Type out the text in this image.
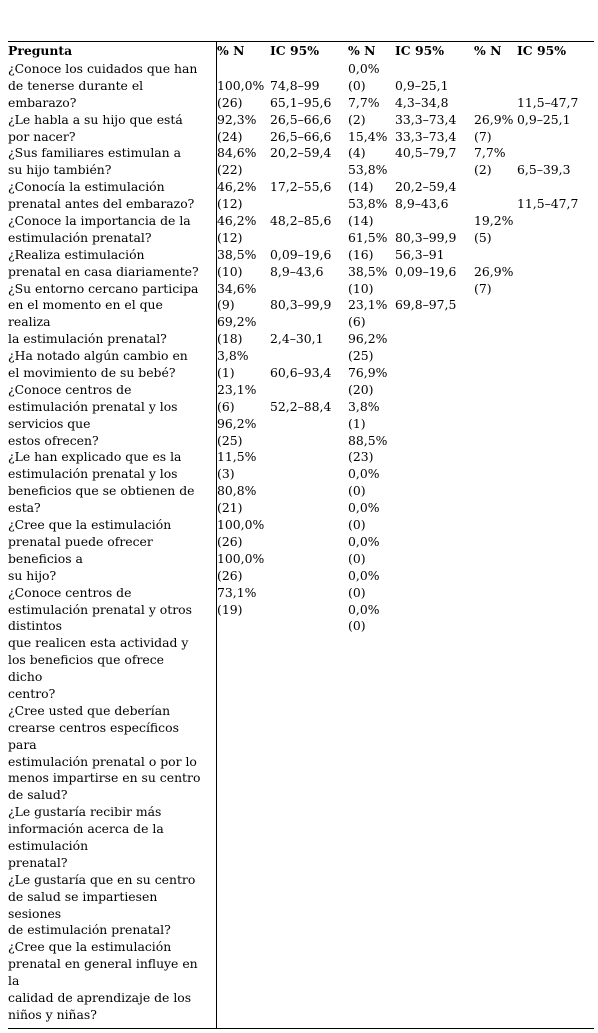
Pregunta	% N IC 95% % N IC 95% % N IC 95%
¿Conoce los cuidados que han
de tenerse durante el
embarazo?
¿Le habla a su hijo que está
por nacer?
¿Sus familiares estimulan a
su hijo también?
¿Conocía la estimulación
prenatal antes del embarazo?
¿Conoce la importancia de la
estimulación prenatal?
¿Realiza estimulación
prenatal en casa diariamente?
¿Su entorno cercano participa
en el momento en el que
realiza
la estimulación prenatal?
¿Ha notado algún cambio en
el movimiento de su bebé?
¿Conoce centros de
estimulación prenatal y los
servicios que
estos ofrecen?
¿Le han explicado que es la
estimulación prenatal y los
beneficios que se obtienen de
esta?
¿Cree que la estimulación
prenatal puede ofrecer
beneficios a
su hijo?
¿Conoce centros de
estimulación prenatal y otros
distintos
que realicen esta actividad y
los beneficios que ofrece
dicho
centro?
¿Cree usted que deberían
crearse centros específicos
para
estimulación prenatal o por lo
menos impartirse en su centro
de salud?
¿Le gustaría recibir más
información acerca de la
estimulación
prenatal?
¿Le gustaría que en su centro
de salud se impartiesen
sesiones
de estimulación prenatal?
¿Cree que la estimulación
prenatal en general influye en
la
calidad de aprendizaje de los
niños y niñas?
100,0%
(26)
92,3%
(24)
84,6%
(22)
46,2%
(12)
46,2%
(12)
38,5%
(10)
34,6%
(9)
69,2%
(18)
3,8%
(1)
23,1%
(6)
96,2%
(25)
11,5%
(3)
80,8%
(21)
100,0%
(26)
100,0%
(26)
73,1%
(19)
74,8–99
65,1–95,6
26,5–66,6
26,5–66,6
20,2–59,4
17,2–55,6
48,2–85,6
0,09–19,6
8,9–43,6
80,3–99,9
2,4–30,1
60,6–93,4
52,2–88,4
0,0%
(0)
7,7%
(2)
15,4%
(4)
53,8%
(14)
53,8%
(14)
61,5%
(16)
38,5%
(10)
23,1%
(6)
96,2%
(25)
76,9%
(20)
3,8%
(1)
88,5%
(23)
0,0%
(0)
0,0%
(0)
0,0%
(0)
0,0%
(0)
0,0%
(0)
0,9–25,1
4,3–34,8
33,3–73,4
33,3–73,4
40,5–79,7
20,2–59,4
8,9–43,6
80,3–99,9
56,3–91
0,09–19,6
69,8–97,5
26,9%
(7)
7,7%
(2)
19,2%
(5)
26,9%
(7)
11,5–47,7
0,9–25,1
6,5–39,3
11,5–47,7
